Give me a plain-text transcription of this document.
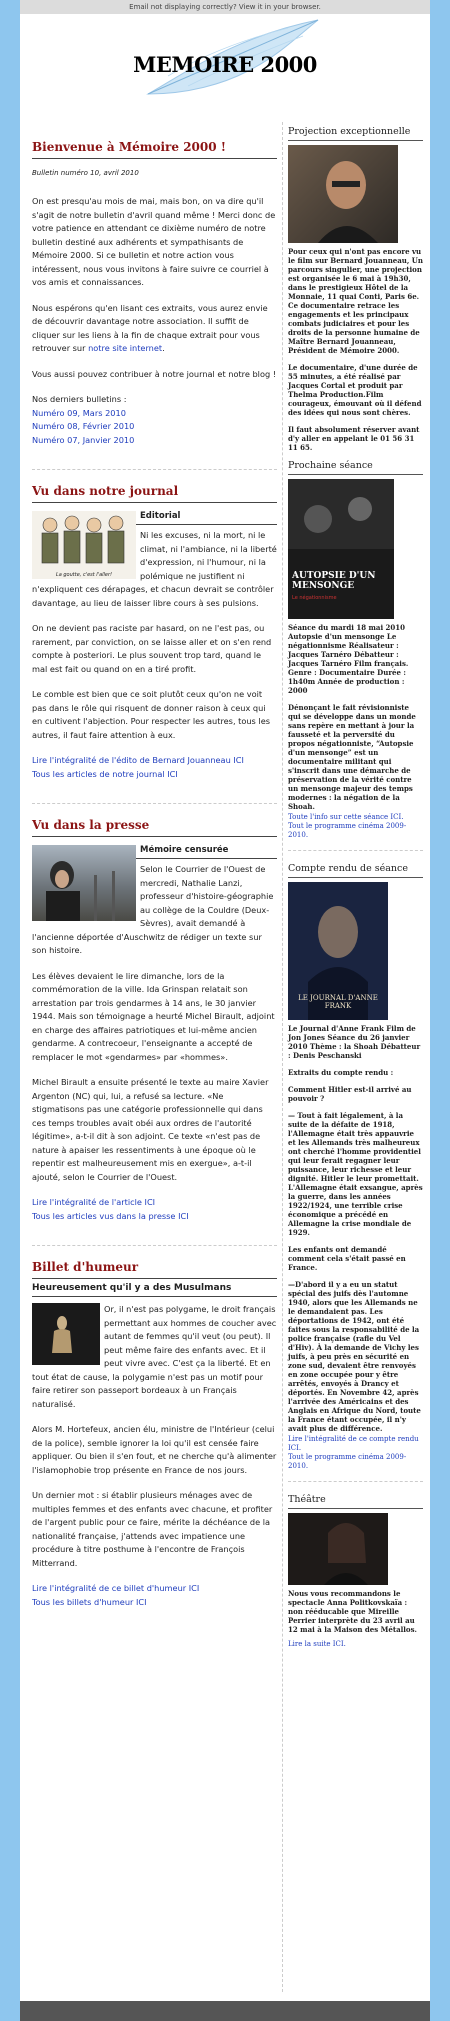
Email not displaying correctly? View it in your browser.
MEMOIRE 2000
Bienvenue à Mémoire 2000 !
Bulletin numéro 10, avril 2010

On est presqu'au mois de mai, mais bon, on va dire qu'il s'agit de notre bulletin d'avril quand même ! Merci donc de votre patience en attendant ce dixième numéro de notre bulletin destiné aux adhérents et sympathisants de Mémoire 2000. Si ce bulletin et notre action vous intéressent, nous vous invitons à faire suivre ce courriel à vos amis et connaissances.

Nous espérons qu'en lisant ces extraits, vous aurez envie de découvrir davantage notre association. Il suffit de cliquer sur les liens à la fin de chaque extrait pour vous retrouver sur notre site internet.

Vous aussi pouvez contribuer à notre journal et notre blog !

Nos derniers bulletins :
Numéro 09, Mars 2010
Numéro 08, Février 2010
Numéro 07, Janvier 2010
Vu dans notre journal
La goutte, c'est l'aller!
Editorial

Ni les excuses, ni la mort, ni le climat, ni l'ambiance, ni la liberté d'expression, ni l'humour, ni la polémique ne justifient ni n'expliquent ces dérapages, et chacun devrait se contrôler davantage, au lieu de laisser libre cours à ses pulsions.

On ne devient pas raciste par hasard, on ne l'est pas, ou rarement, par conviction, on se laisse aller et on s'en rend compte à posteriori. Le plus souvent trop tard, quand le mal est fait ou quand on en a tiré profit.

Le comble est bien que ce soit plutôt ceux qu'on ne voit pas dans le rôle qui risquent de donner raison à ceux qui en cultivent l'abjection. Pour respecter les autres, tous les autres, il faut faire attention à eux.

Lire l'intégralité de l'édito de Bernard Jouanneau ICI
Tous les articles de notre journal ICI
Vu dans la presse
Mémoire censurée

Selon le Courrier de l'Ouest de mercredi, Nathalie Lanzi, professeur d'histoire-géographie au collège de la Couldre (Deux-Sèvres), avait demandé à l'ancienne déportée d'Auschwitz de rédiger un texte sur son histoire.

Les élèves devaient le lire dimanche, lors de la commémoration de la ville. Ida Grinspan relatait son arrestation par trois gendarmes à 14 ans, le 30 janvier 1944. Mais son témoignage a heurté Michel Birault, adjoint en charge des affaires patriotiques et lui-même ancien gendarme. A contrecoeur, l'enseignante a accepté de remplacer le mot «gendarmes» par «hommes».

Michel Birault a ensuite présenté le texte au maire Xavier Argenton (NC) qui, lui, a refusé sa lecture. «Ne stigmatisons pas une catégorie professionnelle qui dans ces temps troubles avait obéi aux ordres de l'autorité légitime», a-t-il dit à son adjoint. Ce texte «n'est pas de nature à apaiser les ressentiments à une époque où le repentir est malheureusement mis en exergue», a-t-il ajouté, selon le Courrier de l'Ouest.

Lire l'intégralité de l'article ICI
Tous les articles vus dans la presse ICI
Billet d'humeur
Heureusement qu'il y a des Musulmans

Or, il n'est pas polygame, le droit français permettant aux hommes de coucher avec autant de femmes qu'il veut (ou peut). Il peut même faire des enfants avec. Et il peut vivre avec. C'est ça la liberté. Et en tout état de cause, la polygamie n'est pas un motif pour faire retirer son passeport bordeaux à un Français naturalisé.

Alors M. Hortefeux, ancien élu, ministre de l'Intérieur (celui de la police), semble ignorer la loi qu'il est censée faire appliquer. Ou bien il s'en fout, et ne cherche qu'à alimenter l'islamophobie trop présente en France de nos jours.

Un dernier mot : si établir plusieurs ménages avec de multiples femmes et des enfants avec chacune, et profiter de l'argent public pour ce faire, mérite la déchéance de la nationalité française, j'attends avec impatience une procédure à titre posthume à l'encontre de François Mitterrand.

Lire l'intégralité de ce billet d'humeur ICI
Tous les billets d'humeur ICI
Projection exceptionnelle

Pour ceux qui n'ont pas encore vu le film sur Bernard Jouanneau, Un parcours singulier, une projection est organisée le 6 mai à 19h30, dans le prestigieux Hôtel de la Monnaie, 11 quai Conti, Paris 6e. Ce documentaire retrace les engagements et les principaux combats judiciaires et pour les droits de la personne humaine de Maître Bernard Jouanneau, Président de Mémoire 2000.

Le documentaire, d'une durée de 55 minutes, a été réalisé par Jacques Cortal et produit par Thelma Production.Film courageux, émouvant où il défend des idées qui nous sont chères.

Il faut absolument réserver avant d'y aller en appelant le 01 56 31 11 65.

Prochaine séance
AUTOPSIE D'UN MENSONGE
Le négationnisme

Séance du mardi 18 mai 2010 Autopsie d'un mensonge Le négationnisme Réalisateur : Jacques Tarnéro Débatteur : Jacques Tarnéro Film français. Genre : Documentaire Durée : 1h40m Année de production : 2000

Dénonçant le fait révisionniste qui se développe dans un monde sans repère en mettant à jour la fausseté et la perversité du propos négationniste, “Autopsie d'un mensonge” est un documentaire militant qui s'inscrit dans une démarche de préservation de la vérité contre un mensonge majeur des temps modernes : la négation de la Shoah.

Toute l'info sur cette séance ICI.
Tout le programme cinéma 2009-2010.
Compte rendu de séance
LE JOURNAL D'ANNE FRANK

Le Journal d'Anne Frank Film de Jon Jones Séance du 26 janvier 2010 Thème : la Shoah Débatteur : Denis Peschanski

Extraits du compte rendu :

Comment Hitler est-il arrivé au pouvoir ?

— Tout à fait légalement, à la suite de la défaite de 1918, l'Allemagne était très appauvrie et les Allemands très malheureux ont cherché l'homme providentiel qui leur ferait regagner leur puissance, leur richesse et leur dignité. Hitler le leur promettait. L'Allemagne était exsangue, après la guerre, dans les années 1922/1924, une terrible crise économique a précédé en Allemagne la crise mondiale de 1929.

Les enfants ont demandé comment cela s'était passé en France.

—D'abord il y a eu un statut spécial des juifs dès l'automne 1940, alors que les Allemands ne le demandaient pas. Les déportations de 1942, ont été faites sous la responsabilité de la police française (rafle du Vel d'Hiv). À la demande de Vichy les juifs, à peu près en sécurité en zone sud, devaient être renvoyés en zone occupée pour y être arrêtés, envoyés à Drancy et déportés. En Novembre 42, après l'arrivée des Américains et des Anglais en Afrique du Nord, toute la France étant occupée, il n'y avait plus de différence.

Lire l'intégralité de ce compte rendu ICI.
Tout le programme cinéma 2009-2010.
Théâtre

Nous vous recommandons le spectacle Anna Politkovskaïa : non rééducable que Mireille Perrier interprète du 23 avril au 12 mai à la Maison des Métallos.

Lire la suite ICI.
